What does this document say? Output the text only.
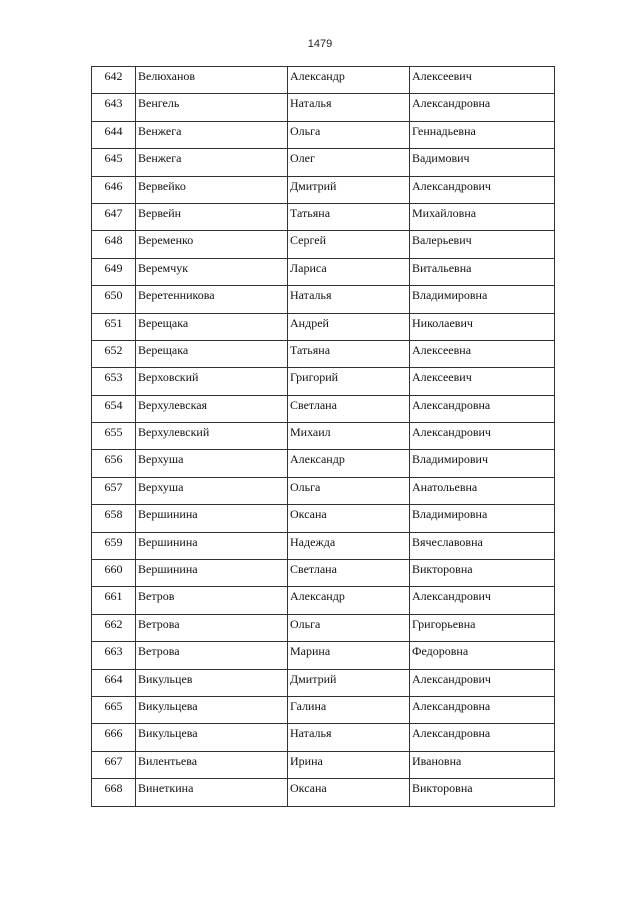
1479
642	Велюханов	Александр	Алексеевич
643	Венгель	Наталья	Александровна
644	Венжега	Ольга	Геннадьевна
645	Венжега	Олег	Вадимович
646	Вервейко	Дмитрий	Александрович
647	Вервейн	Татьяна	Михайловна
648	Веременко	Сергей	Валерьевич
649	Веремчук	Лариса	Витальевна
650	Веретенникова	Наталья	Владимировна
651	Верещака	Андрей	Николаевич
652	Верещака	Татьяна	Алексеевна
653	Верховский	Григорий	Алексеевич
654	Верхулевская	Светлана	Александровна
655	Верхулевский	Михаил	Александрович
656	Верхуша	Александр	Владимирович
657	Верхуша	Ольга	Анатольевна
658	Вершинина	Оксана	Владимировна
659	Вершинина	Надежда	Вячеславовна
660	Вершинина	Светлана	Викторовна
661	Ветров	Александр	Александрович
662	Ветрова	Ольга	Григорьевна
663	Ветрова	Марина	Федоровна
664	Викульцев	Дмитрий	Александрович
665	Викульцева	Галина	Александровна
666	Викульцева	Наталья	Александровна
667	Вилентьева	Ирина	Ивановна
668	Винеткина	Оксана	Викторовна
